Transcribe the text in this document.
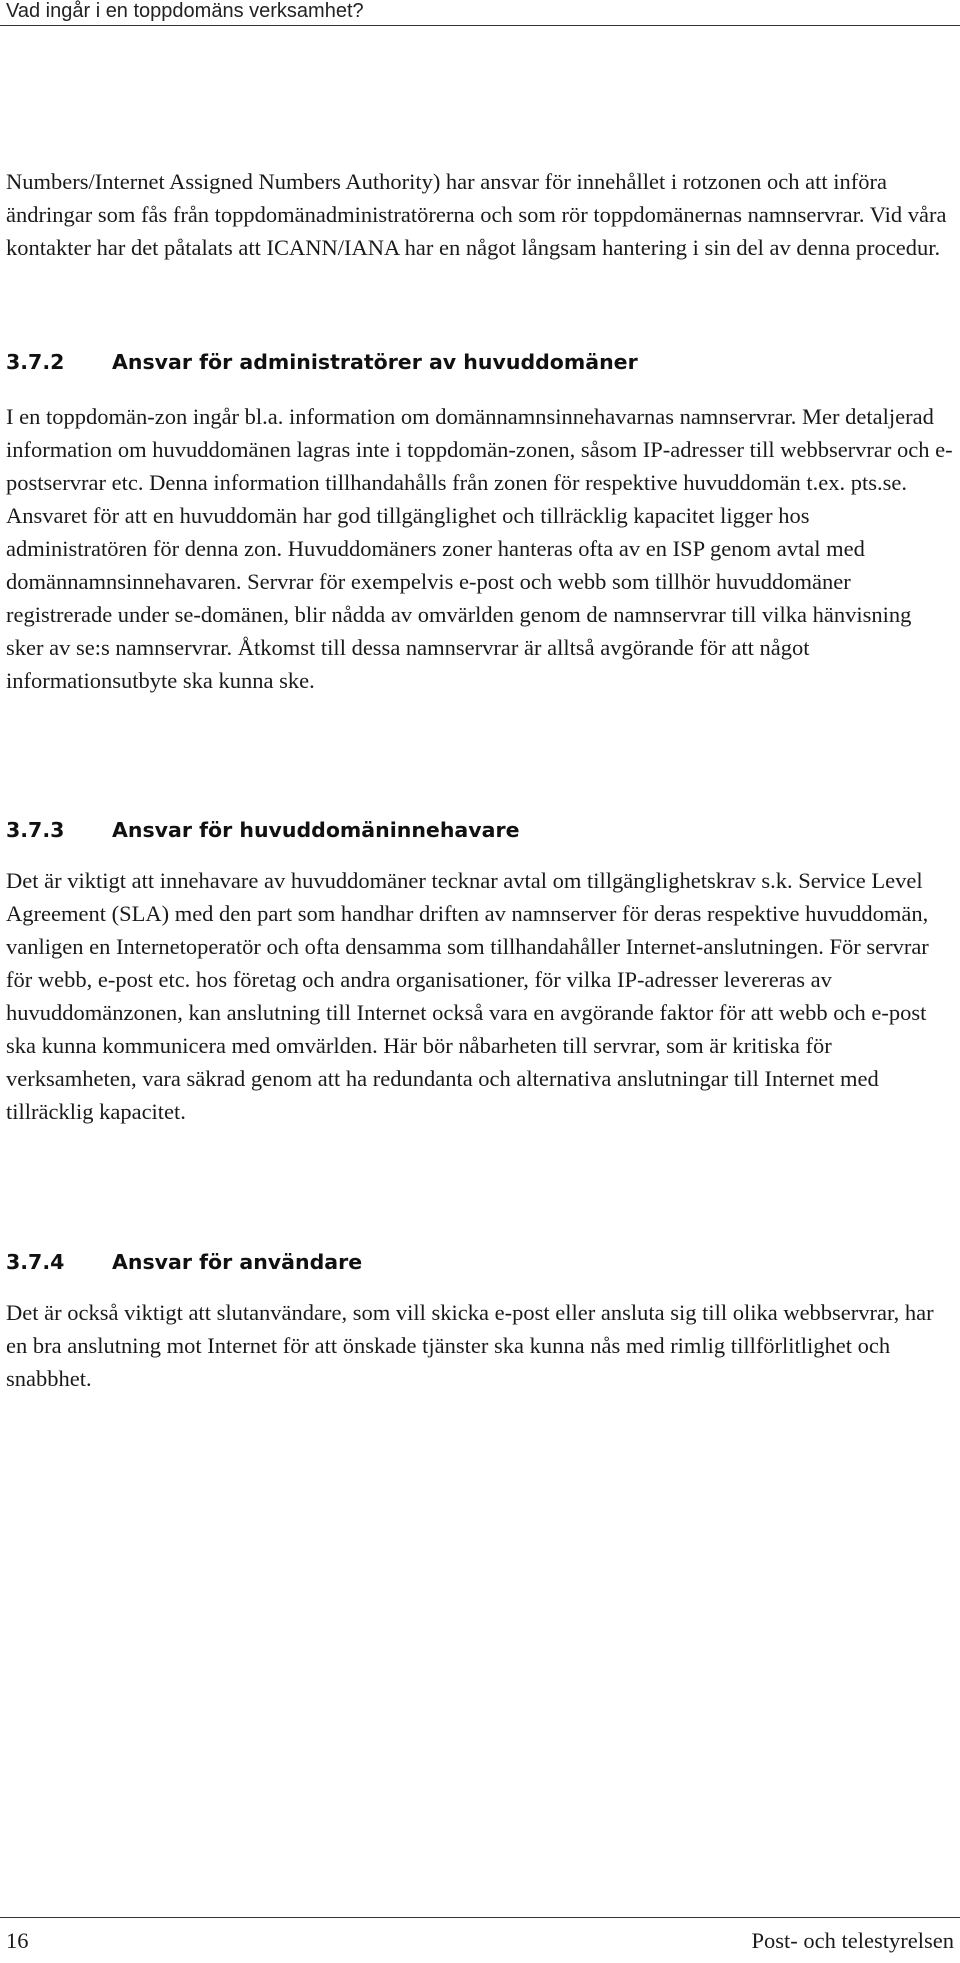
Vad ingår i en toppdomäns verksamhet?

Numbers/Internet Assigned Numbers Authority) har ansvar för innehållet i rotzonen och att införa ändringar som fås från toppdomänadministratörerna och som rör toppdomänernas namnservrar. Vid våra kontakter har det påtalats att ICANN/IANA har en något långsam hantering i sin del av denna procedur.

3.7.2 Ansvar för administratörer av huvuddomäner

I en toppdomän-zon ingår bl.a. information om domännamnsinnehavarnas namnservrar. Mer detaljerad information om huvuddomänen lagras inte i toppdomän-zonen, såsom IP-adresser till webbservrar och e-postservrar etc. Denna information tillhandahålls från zonen för respektive huvuddomän t.ex. pts.se. Ansvaret för att en huvuddomän har god tillgänglighet och tillräcklig kapacitet ligger hos administratören för denna zon. Huvuddomäners zoner hanteras ofta av en ISP genom avtal med domännamnsinnehavaren. Servrar för exempelvis e-post och webb som tillhör huvuddomäner registrerade under se-domänen, blir nådda av omvärlden genom de namnservrar till vilka hänvisning sker av se:s namnservrar. Åtkomst till dessa namnservrar är alltså avgörande för att något informationsutbyte ska kunna ske.

3.7.3 Ansvar för huvuddomäninnehavare

Det är viktigt att innehavare av huvuddomäner tecknar avtal om tillgänglighetskrav s.k. Service Level Agreement (SLA) med den part som handhar driften av namnserver för deras respektive huvuddomän, vanligen en Internetoperatör och ofta densamma som tillhandahåller Internet-anslutningen. För servrar för webb, e-post etc. hos företag och andra organisationer, för vilka IP-adresser levereras av huvuddomänzonen, kan anslutning till Internet också vara en avgörande faktor för att webb och e-post ska kunna kommunicera med omvärlden. Här bör nåbarheten till servrar, som är kritiska för verksamheten, vara säkrad genom att ha redundanta och alternativa anslutningar till Internet med tillräcklig kapacitet.

3.7.4 Ansvar för användare

Det är också viktigt att slutanvändare, som vill skicka e-post eller ansluta sig till olika webbservrar, har en bra anslutning mot Internet för att önskade tjänster ska kunna nås med rimlig tillförlitlighet och snabbhet.

16	Post- och telestyrelsen
